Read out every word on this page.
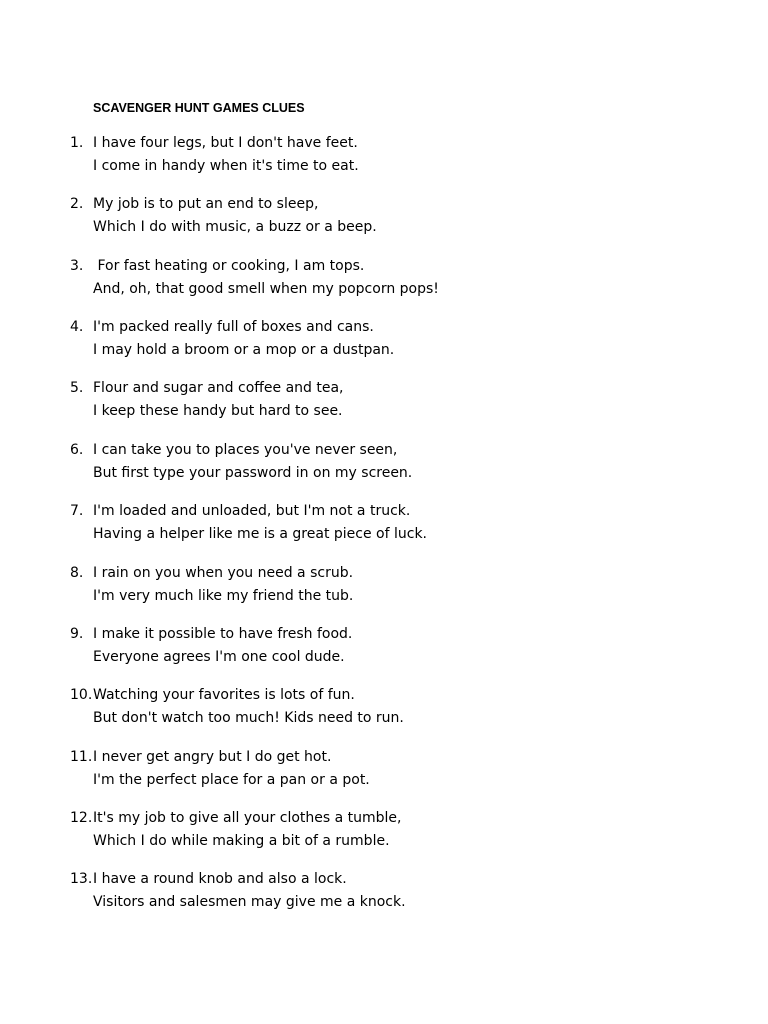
SCAVENGER HUNT GAMES CLUES
1. I have four legs, but I don't have feet.
I come in handy when it's time to eat.
2. My job is to put an end to sleep,
Which I do with music, a buzz or a beep.
3. For fast heating or cooking, I am tops.
And, oh, that good smell when my popcorn pops!
4. I'm packed really full of boxes and cans.
I may hold a broom or a mop or a dustpan.
5. Flour and sugar and coffee and tea,
I keep these handy but hard to see.
6. I can take you to places you've never seen,
But first type your password in on my screen.
7. I'm loaded and unloaded, but I'm not a truck.
Having a helper like me is a great piece of luck.
8. I rain on you when you need a scrub.
I'm very much like my friend the tub.
9. I make it possible to have fresh food.
Everyone agrees I'm one cool dude.
10. Watching your favorites is lots of fun.
But don't watch too much! Kids need to run.
11. I never get angry but I do get hot.
I'm the perfect place for a pan or a pot.
12. It's my job to give all your clothes a tumble,
Which I do while making a bit of a rumble.
13. I have a round knob and also a lock.
Visitors and salesmen may give me a knock.
